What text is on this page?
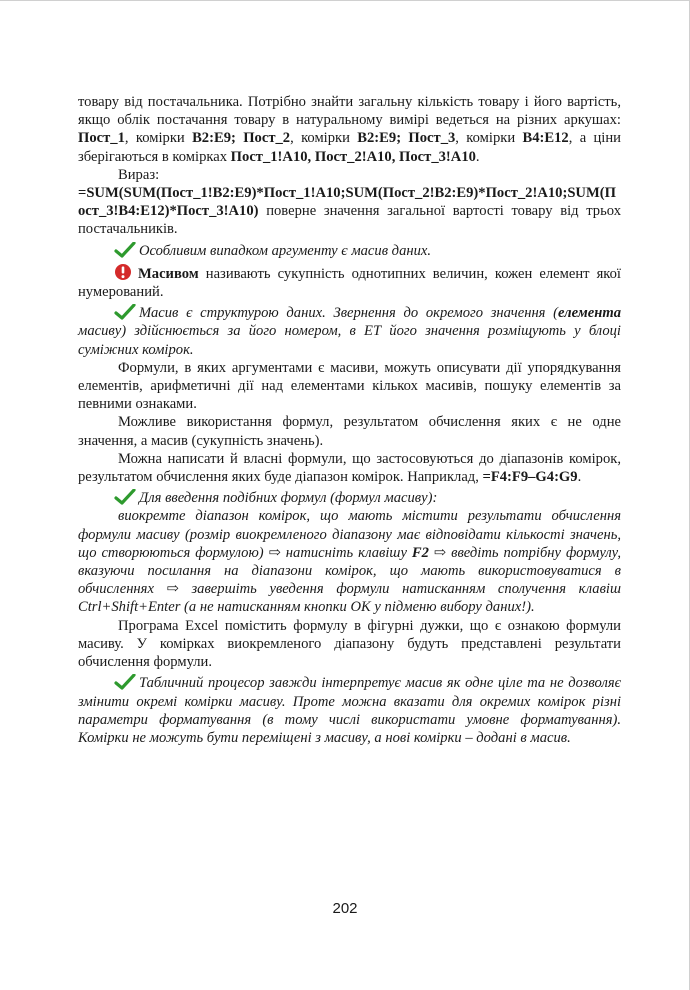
товару від постачальника. Потрібно знайти загальну кількість товару і його вартість, якщо облік постачання товару в натуральному вимірі ведеться на різних аркушах: Пост_1, комірки B2:E9; Пост_2, комірки B2:E9; Пост_3, комірки B4:E12, а ціни зберігаються в комірках Пост_1!A10, Пост_2!A10, Пост_3!A10.

Вираз:

=SUM(SUM(Пост_1!B2:E9)*Пост_1!A10;SUM(Пост_2!B2:E9)*Пост_2!A10;SUM(Пост_3!B4:E12)*Пост_3!A10) поверне значення загальної вартості товару від трьох постачальників.

Особливим випадком аргументу є масив даних.

Масивом називають сукупність однотипних величин, кожен елемент якої нумерований.

Масив є структурою даних. Звернення до окремого значення (елемента масиву) здійснюється за його номером, в ЕТ його значення розміщують у блоці суміжних комірок.

Формули, в яких аргументами є масиви, можуть описувати дії упорядкування елементів, арифметичні дії над елементами кількох масивів, пошуку елементів за певними ознаками.

Можливе використання формул, результатом обчислення яких є не одне значення, а масив (сукупність значень).

Можна написати й власні формули, що застосовуються до діапазонів комірок, результатом обчислення яких буде діапазон комірок. Наприклад, =F4:F9–G4:G9.

Для введення подібних формул (формул масиву):

виокремте діапазон комірок, що мають містити результати обчислення формули масиву (розмір виокремленого діапазону має відповідати кількості значень, що створюються формулою) ⇨ натисніть клавішу F2 ⇨ введіть потрібну формулу, вказуючи посилання на діапазони комірок, що мають використовуватися в обчисленнях ⇨ завершіть уведення формули натисканням сполучення клавіш Ctrl+Shift+Enter (а не натисканням кнопки OK у підменю вибору даних!).

Програма Excel помістить формулу в фігурні дужки, що є ознакою формули масиву. У комірках виокремленого діапазону будуть представлені результати обчислення формули.

Табличний процесор завжди інтерпретує масив як одне ціле та не дозволяє змінити окремі комірки масиву. Проте можна вказати для окремих комірок різні параметри форматування (в тому числі використати умовне форматування). Комірки не можуть бути переміщені з масиву, а нові комірки – додані в масив.

202
